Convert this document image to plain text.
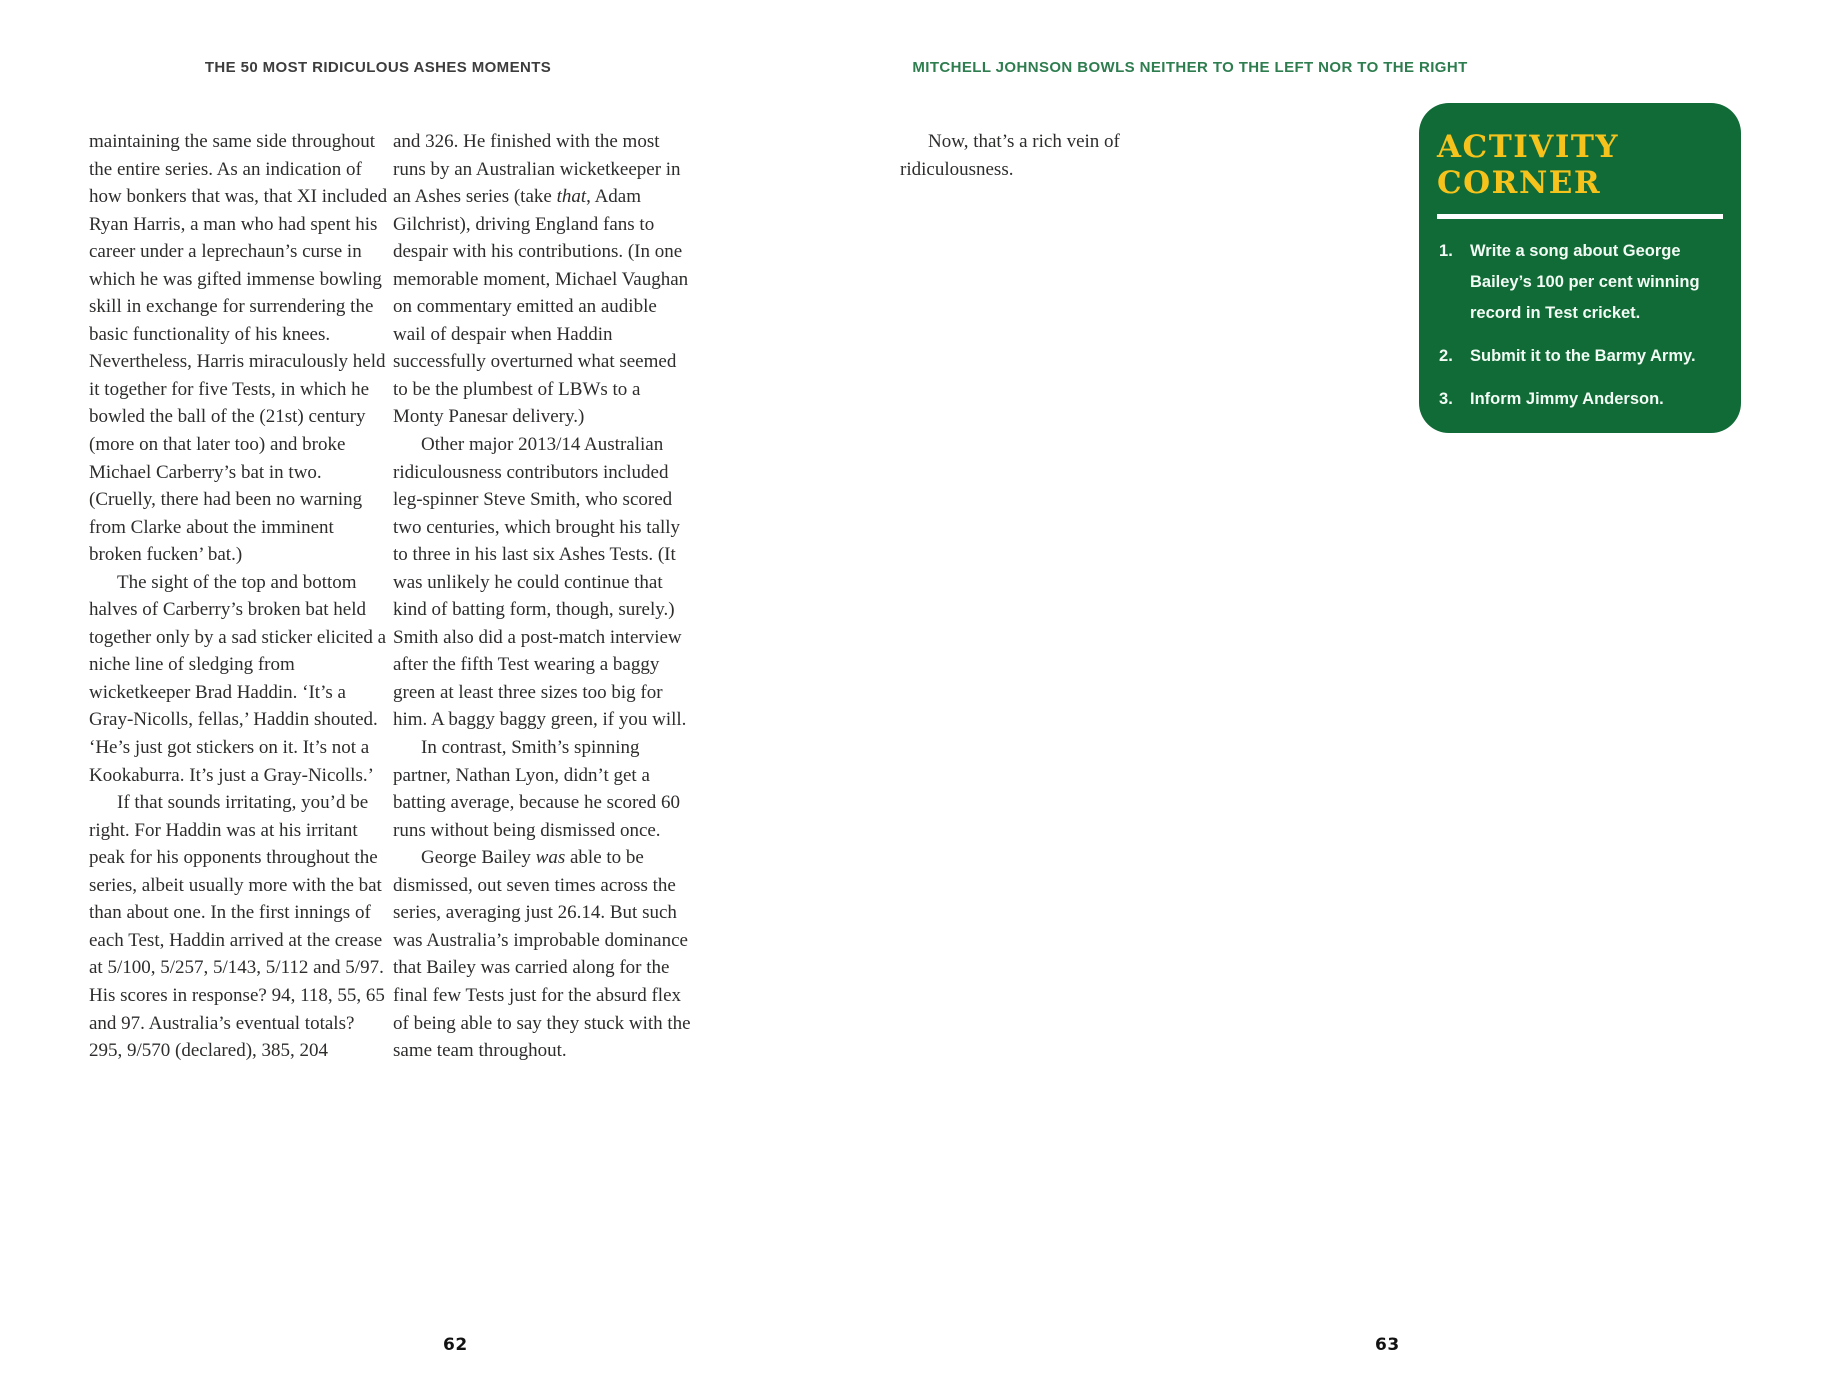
THE 50 MOST RIDICULOUS ASHES MOMENTS	MITCHELL JOHNSON BOWLS NEITHER TO THE LEFT NOR TO THE RIGHT

maintaining the same side throughout the entire series. As an indication of how bonkers that was, that XI included Ryan Harris, a man who had spent his career under a leprechaun’s curse in which he was gifted immense bowling skill in exchange for surrendering the basic functionality of his knees. Nevertheless, Harris miraculously held it together for five Tests, in which he bowled the ball of the (21st) century (more on that later too) and broke Michael Carberry’s bat in two. (Cruelly, there had been no warning from Clarke about the imminent broken fucken’ bat.)

The sight of the top and bottom halves of Carberry’s broken bat held together only by a sad sticker elicited a niche line of sledging from wicketkeeper Brad Haddin. ‘It’s a Gray-Nicolls, fellas,’ Haddin shouted. ‘He’s just got stickers on it. It’s not a Kookaburra. It’s just a Gray-Nicolls.’

If that sounds irritating, you’d be right. For Haddin was at his irritant peak for his opponents throughout the series, albeit usually more with the bat than about one. In the first innings of each Test, Haddin arrived at the crease at 5/100, 5/257, 5/143, 5/112 and 5/97. His scores in response? 94, 118, 55, 65 and 97. Australia’s eventual totals? 295, 9/570 (declared), 385, 204

and 326. He finished with the most runs by an Australian wicketkeeper in an Ashes series (take that, Adam Gilchrist), driving England fans to despair with his contributions. (In one memorable moment, Michael Vaughan on commentary emitted an audible wail of despair when Haddin successfully overturned what seemed to be the plumbest of LBWs to a Monty Panesar delivery.)

Other major 2013/14 Australian ridiculousness contributors included leg-spinner Steve Smith, who scored two centuries, which brought his tally to three in his last six Ashes Tests. (It was unlikely he could continue that kind of batting form, though, surely.) Smith also did a post-match interview after the fifth Test wearing a baggy green at least three sizes too big for him. A baggy baggy green, if you will.

In contrast, Smith’s spinning partner, Nathan Lyon, didn’t get a batting average, because he scored 60 runs without being dismissed once.

George Bailey was able to be dismissed, out seven times across the series, averaging just 26.14. But such was Australia’s improbable dominance that Bailey was carried along for the final few Tests just for the absurd flex of being able to say they stuck with the same team throughout.

Now, that’s a rich vein of ridiculousness.

ACTIVITY
CORNER
Write a song about George Bailey’s 100 per cent winning record in Test cricket.
Submit it to the Barmy Army.
Inform Jimmy Anderson.
62	63
